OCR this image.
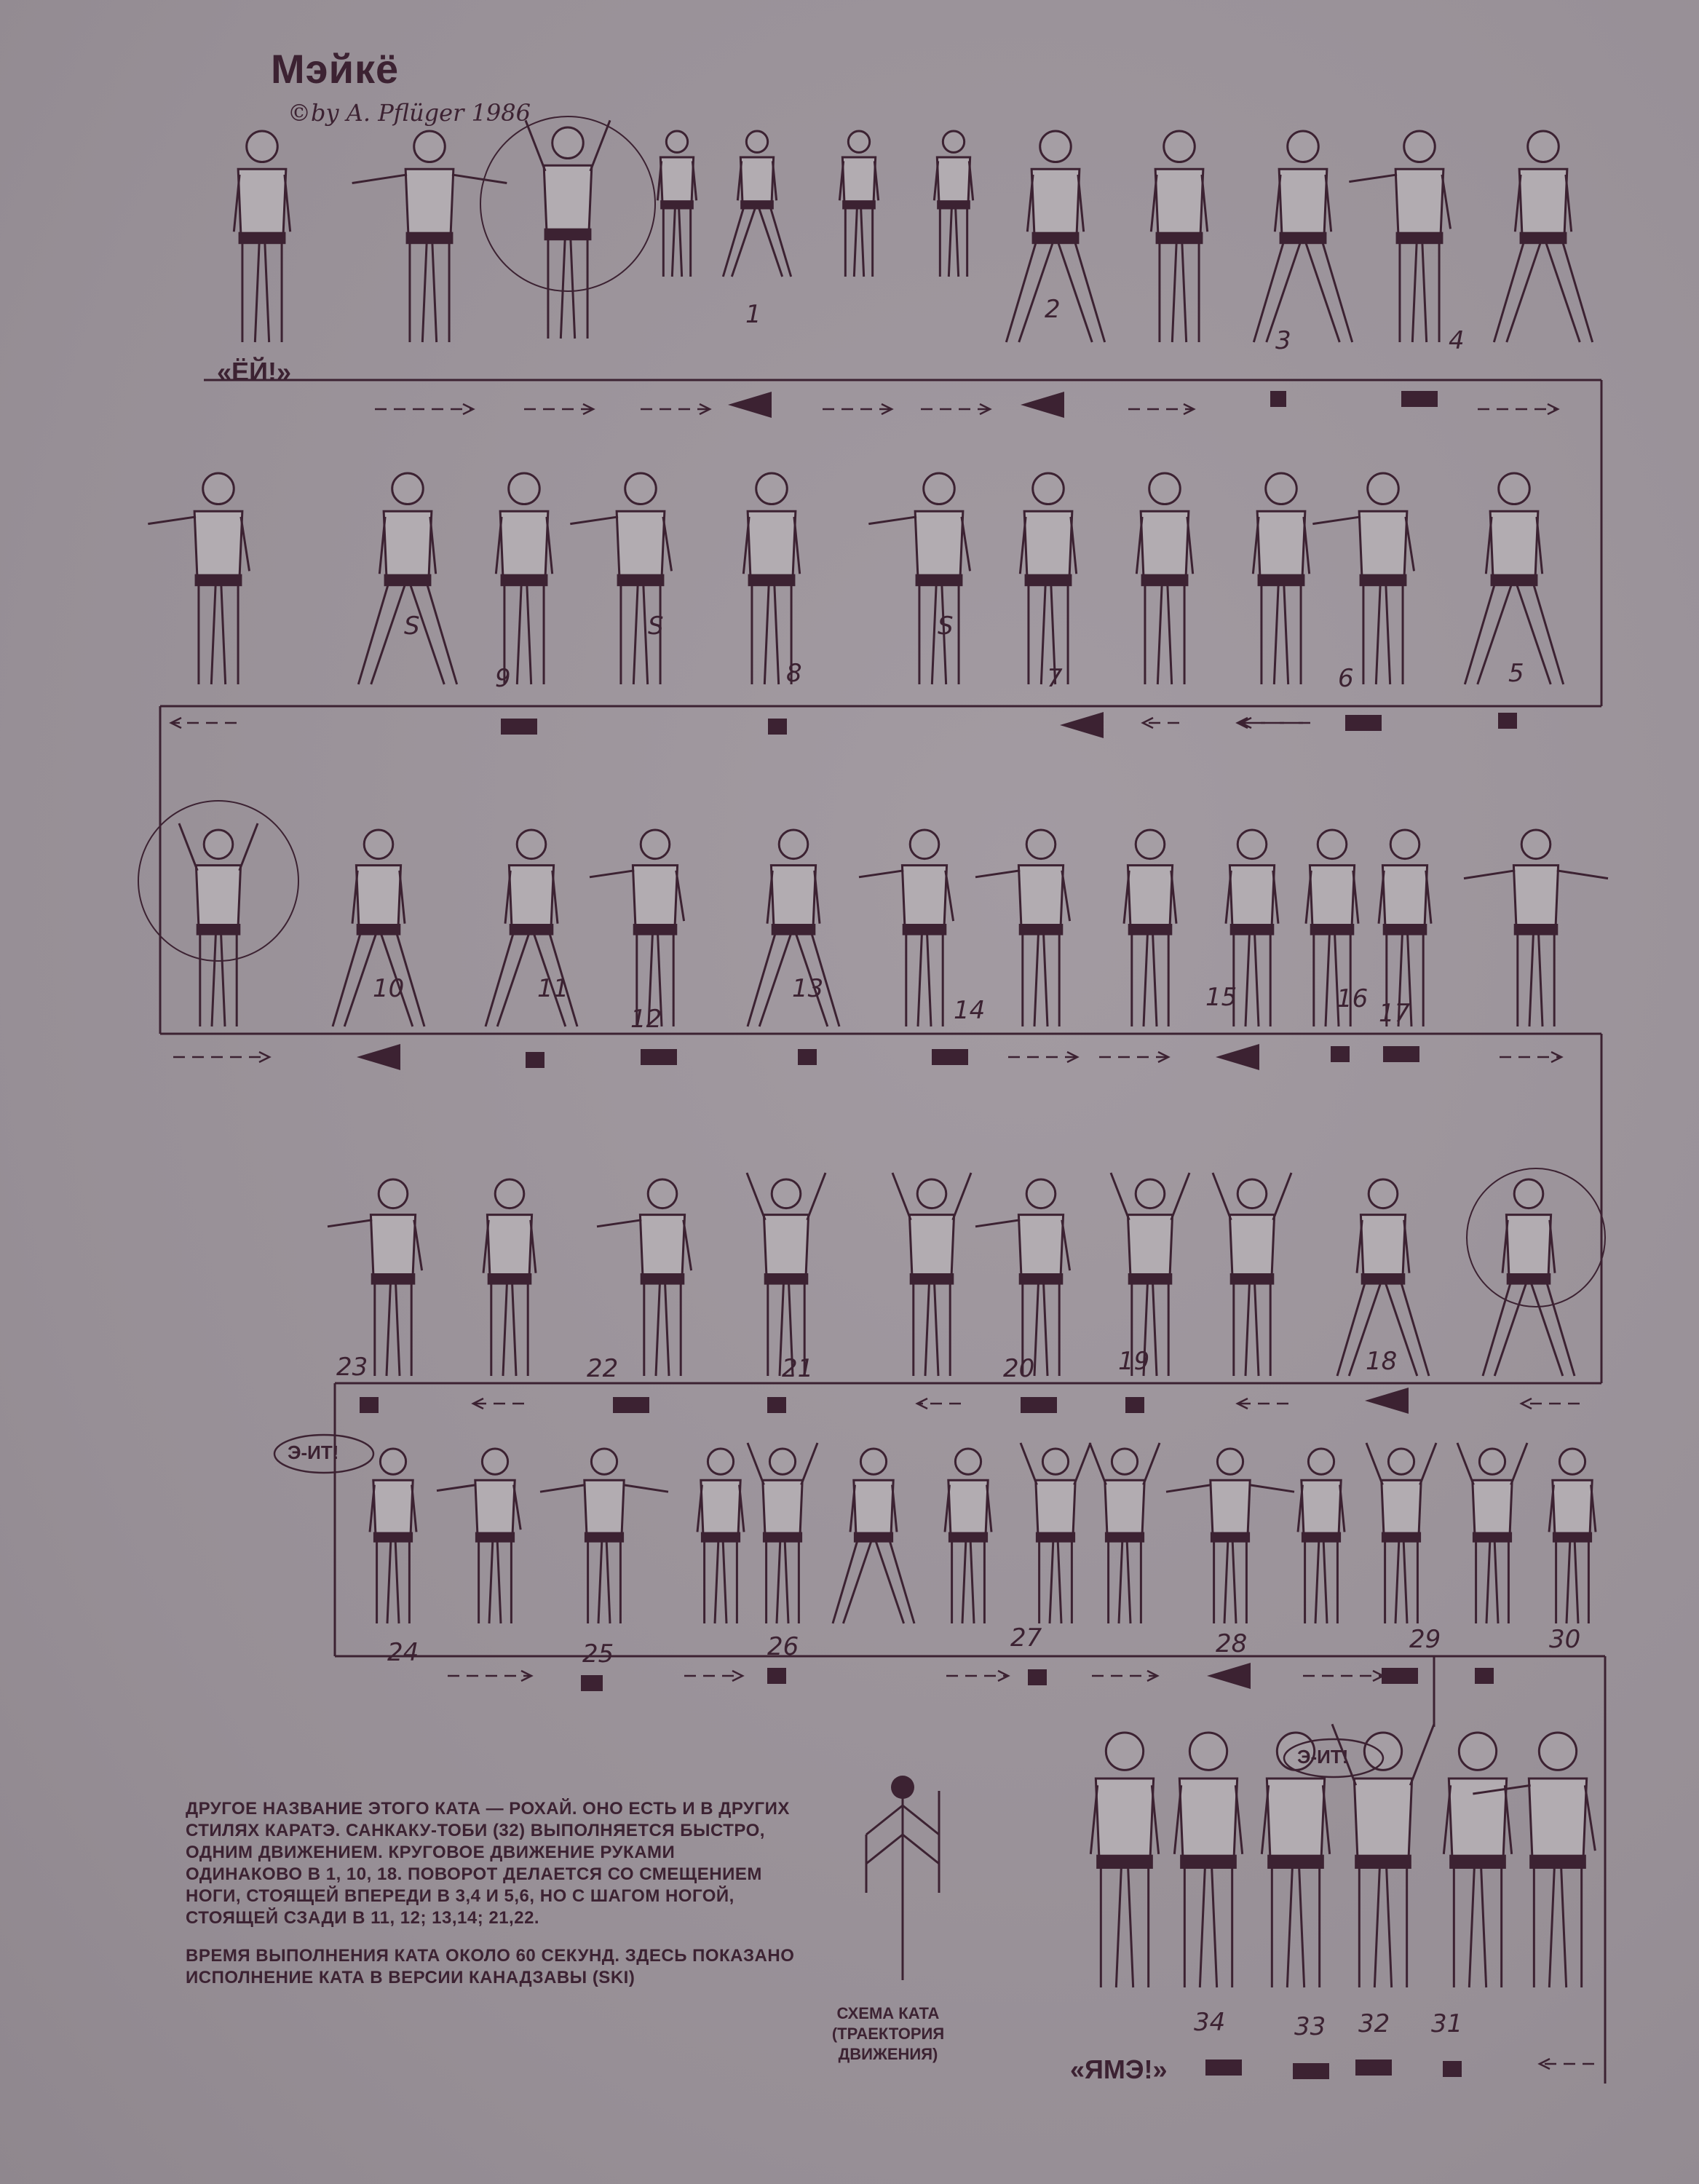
Мэйкё
©by A. Pflüger 1986
«ЁЙ!»
«ЯМЭ!»
Э-ИТ!
Э-ИТ!
1	2
3	4
9	8	7	6	5
S	S	S
10	11
12
13
14	15	16 17
23	22	21	20	19	18
24	25	26	27	28	29	30
34	33 32 31

ДРУГОЕ НАЗВАНИЕ ЭТОГО КАТА — РОХАЙ. ОНО ЕСТЬ И В ДРУГИХ СТИЛЯХ КАРАТЭ. САНКАКУ-ТОБИ (32) ВЫПОЛНЯЕТСЯ БЫСТРО, ОДНИМ ДВИЖЕНИЕМ. КРУГОВОЕ ДВИЖЕНИЕ РУКАМИ ОДИНАКОВО В 1, 10, 18. ПОВОРОТ ДЕЛАЕТСЯ СО СМЕЩЕНИЕМ НОГИ, СТОЯЩЕЙ ВПЕРЕДИ В 3,4 И 5,6, НО С ШАГОМ НОГОЙ, СТОЯЩЕЙ СЗАДИ В 11, 12; 13,14; 21,22.

ВРЕМЯ ВЫПОЛНЕНИЯ КАТА ОКОЛО 60 СЕКУНД. ЗДЕСЬ ПОКАЗАНО ИСПОЛНЕНИЕ КАТА В ВЕРСИИ КАНАДЗАВЫ (SKI)

СХЕМА КАТА (ТРАЕКТОРИЯ ДВИЖЕНИЯ)
